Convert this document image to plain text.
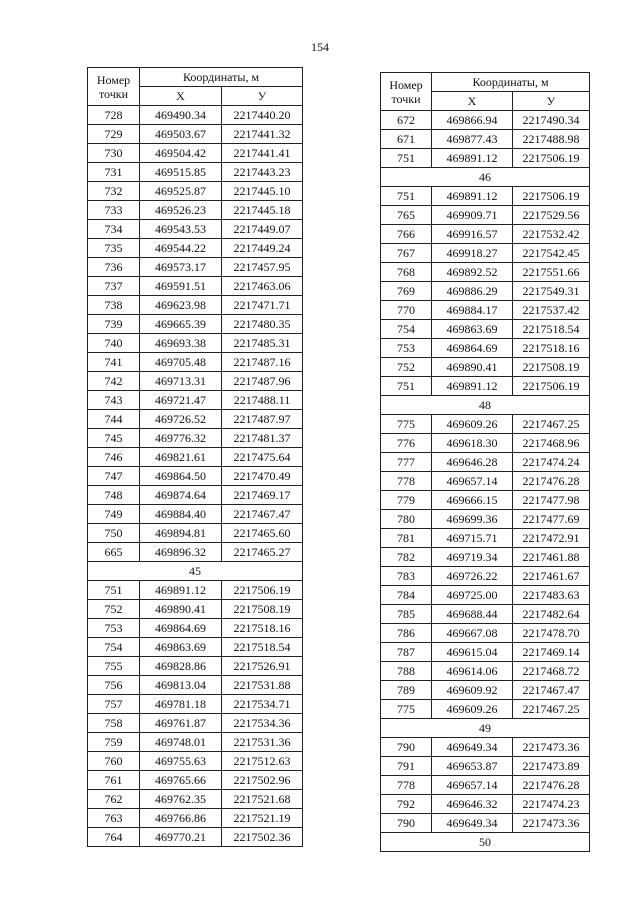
154
Номер точки	Координаты, м	
	X	У
728	469490.34	2217440.20
729	469503.67	2217441.32
730	469504.42	2217441.41
731	469515.85	2217443.23
732	469525.87	2217445.10
733	469526.23	2217445.18
734	469543.53	2217449.07
735	469544.22	2217449.24
736	469573.17	2217457.95
737	469591.51	2217463.06
738	469623.98	2217471.71
739	469665.39	2217480.35
740	469693.38	2217485.31
741	469705.48	2217487.16
742	469713.31	2217487.96
743	469721.47	2217488.11
744	469726.52	2217487.97
745	469776.32	2217481.37
746	469821.61	2217475.64
747	469864.50	2217470.49
748	469874.64	2217469.17
749	469884.40	2217467.47
750	469894.81	2217465.60
665	469896.32	2217465.27
45		
751	469891.12	2217506.19
752	469890.41	2217508.19
753	469864.69	2217518.16
754	469863.69	2217518.54
755	469828.86	2217526.91
756	469813.04	2217531.88
757	469781.18	2217534.71
758	469761.87	2217534.36
759	469748.01	2217531.36
760	469755.63	2217512.63
761	469765.66	2217502.96
762	469762.35	2217521.68
763	469766.86	2217521.19
764	469770.21	2217502.36
Номер точки	Координаты, м	
	X	У
672	469866.94	2217490.34
671	469877.43	2217488.98
751	469891.12	2217506.19
46		
751	469891.12	2217506.19
765	469909.71	2217529.56
766	469916.57	2217532.42
767	469918.27	2217542.45
768	469892.52	2217551.66
769	469886.29	2217549.31
770	469884.17	2217537.42
754	469863.69	2217518.54
753	469864.69	2217518.16
752	469890.41	2217508.19
751	469891.12	2217506.19
48		
775	469609.26	2217467.25
776	469618.30	2217468.96
777	469646.28	2217474.24
778	469657.14	2217476.28
779	469666.15	2217477.98
780	469699.36	2217477.69
781	469715.71	2217472.91
782	469719.34	2217461.88
783	469726.22	2217461.67
784	469725.00	2217483.63
785	469688.44	2217482.64
786	469667.08	2217478.70
787	469615.04	2217469.14
788	469614.06	2217468.72
789	469609.92	2217467.47
775	469609.26	2217467.25
49		
790	469649.34	2217473.36
791	469653.87	2217473.89
778	469657.14	2217476.28
792	469646.32	2217474.23
790	469649.34	2217473.36
50		
